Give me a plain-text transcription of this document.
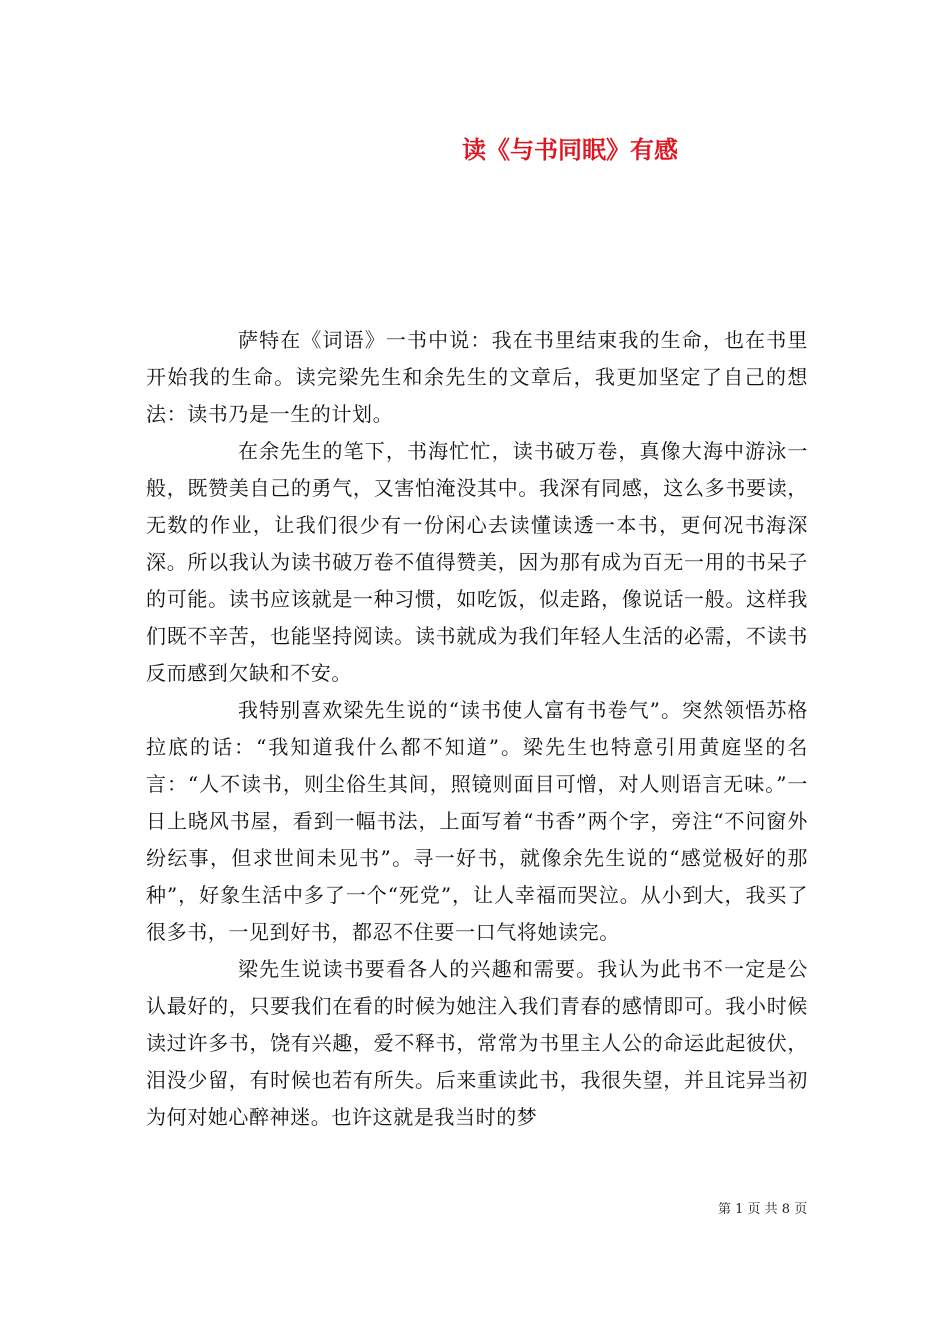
读《与书同眠》有感

萨特在《词语》一书中说：我在书里结束我的生命，也在书里开始我的生命。读完梁先生和余先生的文章后，我更加坚定了自己的想法：读书乃是一生的计划。

在余先生的笔下，书海忙忙，读书破万卷，真像大海中游泳一般，既赞美自己的勇气，又害怕淹没其中。我深有同感，这么多书要读，无数的作业，让我们很少有一份闲心去读懂读透一本书，更何况书海深深。所以我认为读书破万卷不值得赞美，因为那有成为百无一用的书呆子的可能。读书应该就是一种习惯，如吃饭，似走路，像说话一般。这样我们既不辛苦，也能坚持阅读。读书就成为我们年轻人生活的必需，不读书反而感到欠缺和不安。

我特别喜欢梁先生说的“读书使人富有书卷气”。突然领悟苏格拉底的话：“我知道我什么都不知道”。梁先生也特意引用黄庭坚的名言：“人不读书，则尘俗生其间，照镜则面目可憎，对人则语言无味。”一日上晓风书屋，看到一幅书法，上面写着“书香”两个字，旁注“不问窗外纷纭事，但求世间未见书”。寻一好书，就像余先生说的“感觉极好的那种”，好象生活中多了一个“死党”，让人幸福而哭泣。从小到大，我买了很多书，一见到好书，都忍不住要一口气将她读完。

梁先生说读书要看各人的兴趣和需要。我认为此书不一定是公认最好的，只要我们在看的时候为她注入我们青春的感情即可。我小时候读过许多书，饶有兴趣，爱不释书，常常为书里主人公的命运此起彼伏，泪没少留，有时候也若有所失。后来重读此书，我很失望，并且诧异当初为何对她心醉神迷。也许这就是我当时的梦

第 1 页 共 8 页
